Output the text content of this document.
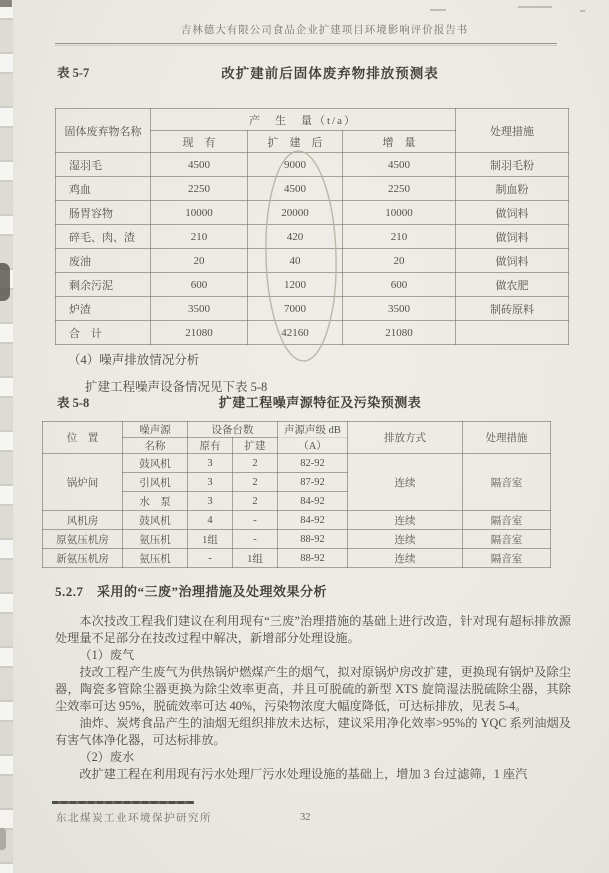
吉林德大有限公司食品企业扩建项目环境影响评价报告书
表 5-7	改扩建前后固体废弃物排放预测表
固体废弃物名称	产　生　量（t/a）			处理措施
	现　有	扩　建　后	增　量	
湿羽毛	4500	9000	4500	制羽毛粉
鸡血	2250	4500	2250	制血粉
肠胃容物	10000	20000	10000	做饲料
碎毛、肉、渣	210	420	210	做饲料
废油	20	40	20	做饲料
剩余污泥	600	1200	600	做农肥
炉渣	3500	7000	3500	制砖原料
合　计	21080	42160	21080	
（4）噪声排放情况分析
扩建工程噪声设备情况见下表 5-8
表 5-8	扩建工程噪声源特征及污染预测表
位　置	噪声源	设备台数		声源声级 dB	排放方式	处理措施
	名称	原有	扩建	（A）		
锅炉间	鼓风机	3	2	82-92	连续	隔音室
	引风机	3	2	87-92		
	水　泵	3	2	84-92		
风机房	鼓风机	4	-	84-92	连续	隔音室
原氨压机房	氨压机	1组	-	88-92	连续	隔音室
新氨压机房	氨压机	-	1组	88-92	连续	隔音室
5.2.7　采用的“三废”治理措施及处理效果分析

本次技改工程我们建议在利用现有“三废”治理措施的基础上进行改造，针对现有超标排放源处理量不足部分在技改过程中解决，新增部分处理设施。

（1）废气

技改工程产生废气为供热锅炉燃煤产生的烟气，拟对原锅炉房改扩建，更换现有锅炉及除尘器，陶瓷多管除尘器更换为除尘效率更高，并且可脱硫的新型 XTS 旋筒湿法脱硫除尘器，其除尘效率可达 95%，脱硫效率可达 40%，污染物浓度大幅度降低，可达标排放，见表 5-4。

油炸、炭烤食品产生的油烟无组织排放未达标，建议采用净化效率>95%的 YQC 系列油烟及有害气体净化器，可达标排放。

（2）废水

改扩建工程在利用现有污水处理厂污水处理设施的基础上，增加 3 台过滤筛，1 座汽

东北煤炭工业环境保护研究所	32
